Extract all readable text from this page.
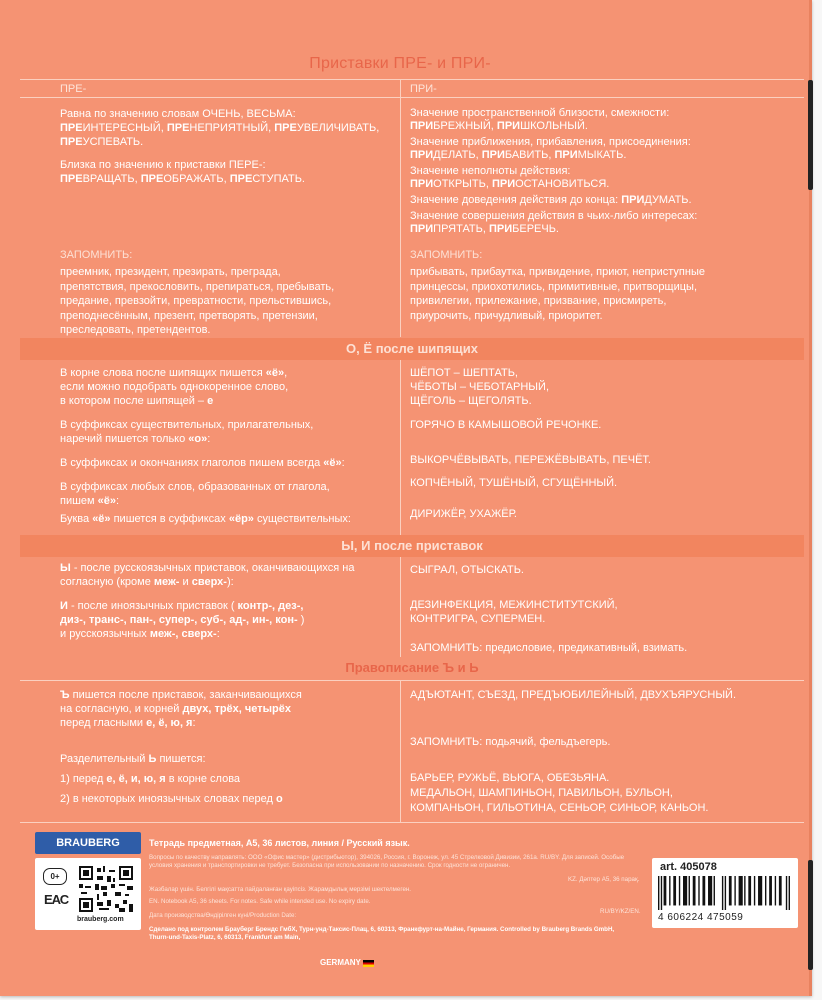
Приставки ПРЕ- и ПРИ-
ПРЕ-	ПРИ-
Равна по значению словам ОЧЕНЬ, ВЕСЬМА:
ПРЕИНТЕРЕСНЫЙ, ПРЕНЕПРИЯТНЫЙ, ПРЕУВЕЛИЧИВАТЬ,
ПРЕУСПЕВАТЬ.
Близка по значению к приставки ПЕРЕ-:
ПРЕВРАЩАТЬ, ПРЕОБРАЖАТЬ, ПРЕСТУПАТЬ.
Значение пространственной близости, смежности:
ПРИБРЕЖНЫЙ, ПРИШКОЛЬНЫЙ.
Значение приближения, прибавления, присоединения:
ПРИДЕЛАТЬ, ПРИБАВИТЬ, ПРИМЫКАТЬ.
Значение неполноты действия:
ПРИОТКРЫТЬ, ПРИОСТАНОВИТЬСЯ.
Значение доведения действия до конца: ПРИДУМАТЬ.
Значение совершения действия в чьих-либо интересах:
ПРИПРЯТАТЬ, ПРИБЕРЕЧЬ.
ЗАПОМНИТЬ:	ЗАПОМНИТЬ:
преемник, президент, презирать, преграда,
препятствия, прекословить, препираться, пребывать,
предание, превзойти, превратности, прельстившись,
преподнесённым, презент, претворять, претензии,
преследовать, претендентов.
прибывать, прибаутка, привидение, приют, неприступные
принцессы, приохотились, примитивные, притворщицы,
привилегии, прилежание, призвание, присмиреть,
приурочить, причудливый, приоритет.
О, Ё после шипящих
В корне слова после шипящих пишется «ё»,
если можно подобрать однокоренное слово,
в котором после шипящей – е
В суффиксах существительных, прилагательных,
наречий пишется только «о»:
В суффиксах и окончаниях глаголов пишем всегда «ё»:
В суффиксах любых слов, образованных от глагола,
пишем «ё»:
Буква «ё» пишется в суффиксах «ёр» существительных:
ШЁПОТ – ШЕПТАТЬ,
ЧЁБОТЫ – ЧЕБОТАРНЫЙ,
ЩЁГОЛЬ – ЩЕГОЛЯТЬ.
ГОРЯЧО В КАМЫШОВОЙ РЕЧОНКЕ.
ВЫКОРЧЁВЫВАТЬ, ПЕРЕЖЁВЫВАТЬ, ПЕЧЁТ.
КОПЧЁНЫЙ, ТУШЁНЫЙ, СГУЩЁННЫЙ.
ДИРИЖЁР, УХАЖЁР.
Ы, И после приставок
Ы - после русскоязычных приставок, оканчивающихся на
согласную (кроме меж- и сверх-):
И - после иноязычных приставок ( контр-, дез-,
диз-, транс-, пан-, супер-, суб-, ад-, ин-, кон- )
и русскоязычных меж-, сверх-:
СЫГРАЛ, ОТЫСКАТЬ.
ДЕЗИНФЕКЦИЯ, МЕЖИНСТИТУТСКИЙ,
КОНТРИГРА, СУПЕРМЕН.
ЗАПОМНИТЬ: предисловие, предикативный, взимать.
Правописание Ъ и Ь
Ъ пишется после приставок, заканчивающихся
на согласную, и корней двух, трёх, четырёх
перед гласными е, ё, ю, я:
Разделительный Ь пишется:
1) перед е, ё, и, ю, я в корне слова
2) в некоторых иноязычных словах перед о
АДЪЮТАНТ, СЪЕЗД, ПРЕДЪЮБИЛЕЙНЫЙ, ДВУХЪЯРУСНЫЙ.
ЗАПОМНИТЬ: подьячий, фельдъегерь.
БАРЬЕР, РУЖЬЁ, ВЬЮГА, ОБЕЗЬЯНА.
МЕДАЛЬОН, ШАМПИНЬОН, ПАВИЛЬОН, БУЛЬОН,
КОМПАНЬОН, ГИЛЬОТИНА, СЕНЬОР, СИНЬОР, КАНЬОН.
BRAUBERG
0+
ЕАС
brauberg.com
Тетрадь предметная, А5, 36 листов, линия / Русский язык.
Вопросы по качеству направлять: ООО «Офис мастер» (дистрибьютор), 394026, Россия, г. Воронеж, ул. 45 Стрелковой Дивизии, 261а. RU/BY. Для записей. Особые
условия хранения и транспортировки не требует. Безопасна при использовании по назначению. Срок годности не ограничен.
KZ. Дәптер А5, 36 парақ.
Жазбалар үшін. Белгілі мақсатта пайдаланған қауіпсіз. Жарамдылық мерзімі шектелмеген.
EN. Notebook A5, 36 sheets. For notes. Safe while intended use. No expiry date.
RU/BY/KZ/EN.
Дата производства/Өндірілген күні/Production Date:
Сделано под контролем Брауберг Брендс ГмбХ, Турн-унд-Таксис-Плац, 6, 60313, Франкфурт-на-Майне, Германия. Controlled by Brauberg Brands GmbH,
Thurn-und-Taxis-Platz, 6, 60313, Frankfurt am Main,
GERMANY
art. 405078
4 606224 475059
